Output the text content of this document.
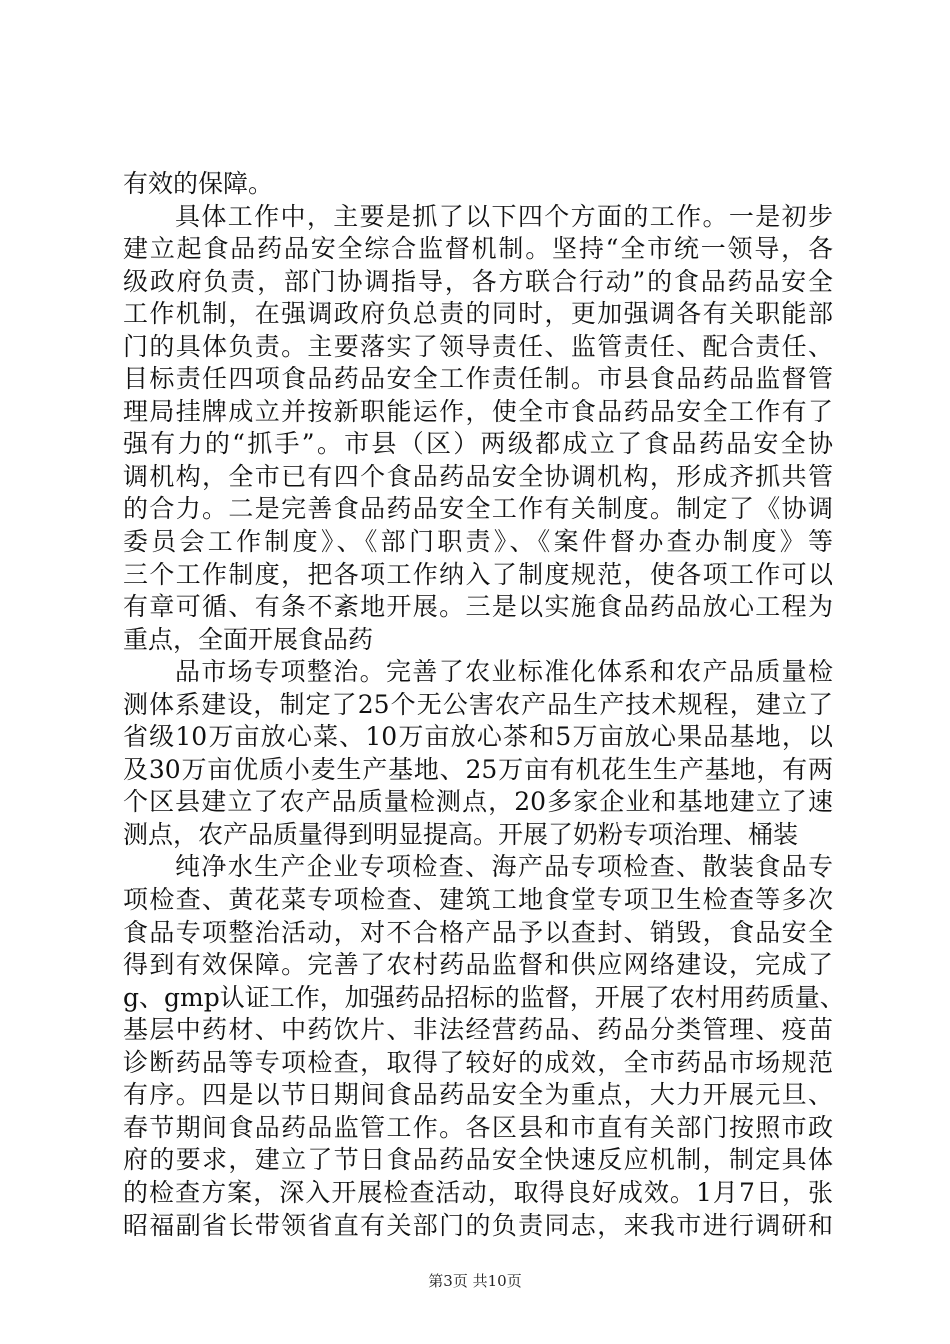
有效的保障。
具体工作中，主要是抓了以下四个方面的工作。一是初步
建立起食品药品安全综合监督机制。坚持“全市统一领导，各
级政府负责，部门协调指导，各方联合行动”的食品药品安全
工作机制，在强调政府负总责的同时，更加强调各有关职能部
门的具体负责。主要落实了领导责任、监管责任、配合责任、
目标责任四项食品药品安全工作责任制。市县食品药品监督管
理局挂牌成立并按新职能运作，使全市食品药品安全工作有了
强有力的“抓手”。市县（区）两级都成立了食品药品安全协
调机构，全市已有四个食品药品安全协调机构，形成齐抓共管
的合力。二是完善食品药品安全工作有关制度。制定了《协调
委员会工作制度》、《部门职责》、《案件督办查办制度》等
三个工作制度，把各项工作纳入了制度规范，使各项工作可以
有章可循、有条不紊地开展。三是以实施食品药品放心工程为
重点，全面开展食品药
品市场专项整治。完善了农业标准化体系和农产品质量检
测体系建设，制定了25个无公害农产品生产技术规程，建立了
省级10万亩放心菜、10万亩放心茶和5万亩放心果品基地，以
及30万亩优质小麦生产基地、25万亩有机花生生产基地，有两
个区县建立了农产品质量检测点，20多家企业和基地建立了速
测点，农产品质量得到明显提高。开展了奶粉专项治理、桶装
纯净水生产企业专项检查、海产品专项检查、散装食品专
项检查、黄花菜专项检查、建筑工地食堂专项卫生检查等多次
食品专项整治活动，对不合格产品予以查封、销毁，食品安全
得到有效保障。完善了农村药品监督和供应网络建设，完成了
g、gmp认证工作，加强药品招标的监督，开展了农村用药质量、
基层中药材、中药饮片、非法经营药品、药品分类管理、疫苗
诊断药品等专项检查，取得了较好的成效，全市药品市场规范
有序。四是以节日期间食品药品安全为重点，大力开展元旦、
春节期间食品药品监管工作。各区县和市直有关部门按照市政
府的要求，建立了节日食品药品安全快速反应机制，制定具体
的检查方案，深入开展检查活动，取得良好成效。1月7日，张
昭福副省长带领省直有关部门的负责同志，来我市进行调研和
第3页 共10页
